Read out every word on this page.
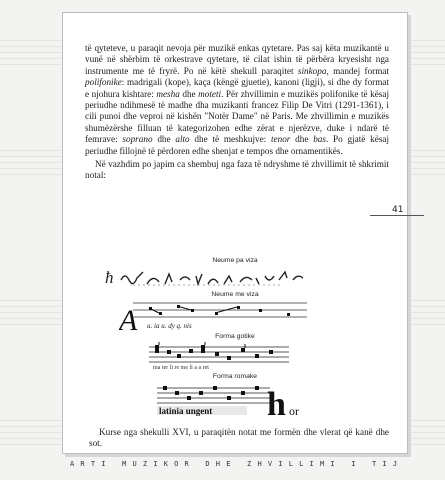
të qyteteve, u paraqit nevoja për muzikë enkas qytetare. Pas saj këta muzikantë u vunë në shërbim të orkestrave qytetare, të cilat ishin të përbëra kryesisht nga instrumente me të fryrë. Po në këtë shekull paraqitet sinkopa, mandej format polifonike: madrigali (kope), kaça (këngë gjuetie), kanoni (ligji), si dhe dy format e njohura kishtare: mesha dhe moteti. Për zhvillimin e muzikës polifonike të kësaj periudhe ndihmesë të madhe dha muzikanti francez Filip De Vitri (1291-1361), i cili punoi dhe veproi në kishën "Notër Dame" në Paris. Me zhvillimin e muzikës shumëzërshe filluan të kategorizohen edhe zërat e njerëzve, duke i ndarë të femrave: soprano dhe alto dhe të meshkujve: tenor dhe bas. Po gjatë kësaj periudhe fillojnë të përdoren edhe shenjat e tempos dhe ornamentikës.

Në vazhdim po japim ca shembuj nga faza të ndryshme të zhvillimit të shkrimit notal:

Neume pa viza
ħ
Neume me viza
A u. ia u. dy q. nis
Forma gotike
ma ter li re me li a a ret
Forma romake
latinia ungent h or

Kurse nga shekulli XVI, u paraqitën notat me formën dhe vlerat që kanë dhe sot.

41
ARTI MUZIKOR DHE ZHVILLIMI I TIJ
